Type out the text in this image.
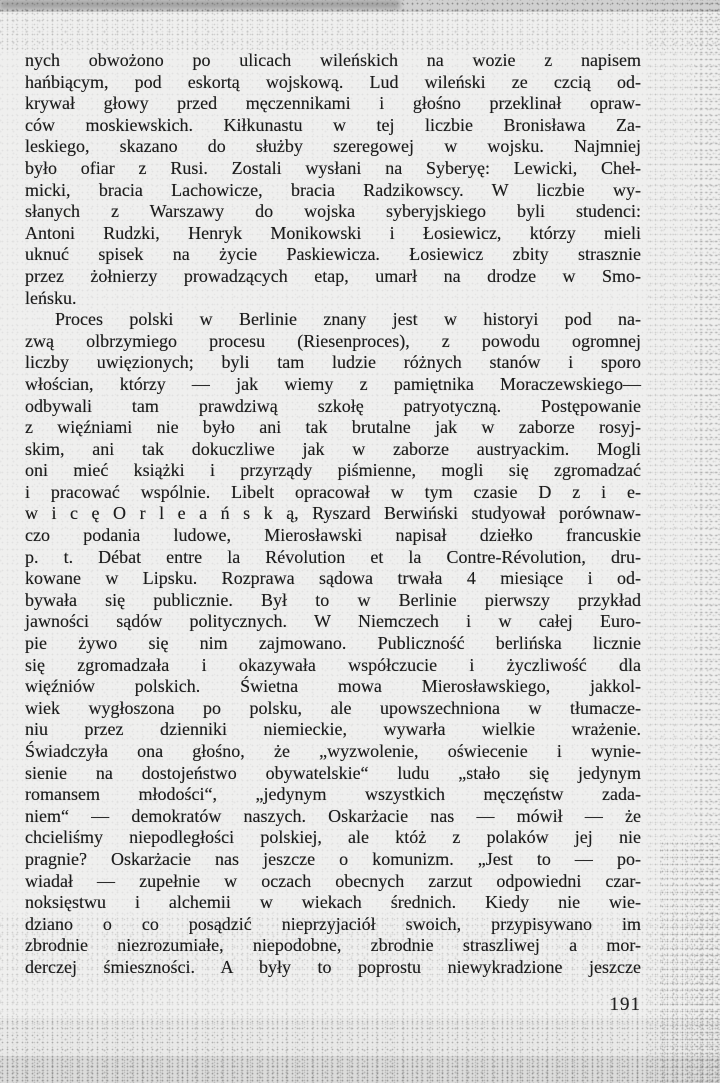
nych obwożono po ulicach wileńskich na wozie z napisem
hańbiącym, pod eskortą wojskową. Lud wileński ze czcią od-
krywał głowy przed męczennikami i głośno przeklinał opraw-
ców moskiewskich. Kiłkunastu w tej liczbie Bronisława Za-
leskiego, skazano do służby szeregowej w wojsku. Najmniej
było ofiar z Rusi. Zostali wysłani na Syberyę: Lewicki, Cheł-
micki, bracia Lachowicze, bracia Radzikowscy. W liczbie wy-
słanych z Warszawy do wojska syberyjskiego byli studenci:
Antoni Rudzki, Henryk Monikowski i Łosiewicz, którzy mieli
uknuć spisek na życie Paskiewicza. Łosiewicz zbity strasznie
przez żołnierzy prowadzących etap, umarł na drodze w Smo-
leńsku.
Proces polski w Berlinie znany jest w historyi pod na-
zwą olbrzymiego procesu (Riesenproces), z powodu ogromnej
liczby uwięzionych; byli tam ludzie różnych stanów i sporo
włościan, którzy — jak wiemy z pamiętnika Moraczewskiego—
odbywali tam prawdziwą szkołę patryotyczną. Postępowanie
z więźniami nie było ani tak brutalne jak w zaborze rosyj-
skim, ani tak dokuczliwe jak w zaborze austryackim. Mogli
oni mieć książki i przyrządy piśmienne, mogli się zgromadzać
i pracować wspólnie. Libelt opracował w tym czasie D z i e-
w i c ę O r l e a ń s k ą, Ryszard Berwiński studyował porównaw-
czo podania ludowe, Mierosławski napisał dziełko francuskie
p. t. Débat entre la Révolution et la Contre-Révolution, dru-
kowane w Lipsku. Rozprawa sądowa trwała 4 miesiące i od-
bywała się publicznie. Był to w Berlinie pierwszy przykład
jawności sądów politycznych. W Niemczech i w całej Euro-
pie żywo się nim zajmowano. Publiczność berlińska licznie
się zgromadzała i okazywała współczucie i życzliwość dla
więźniów polskich. Świetna mowa Mierosławskiego, jakkol-
wiek wygłoszona po polsku, ale upowszechniona w tłumacze-
niu przez dzienniki niemieckie, wywarła wielkie wrażenie.
Świadczyła ona głośno, że „wyzwolenie, oświecenie i wynie-
sienie na dostojeństwo obywatelskie“ ludu „stało się jedynym
romansem młodości“, „jedynym wszystkich męczęństw zada-
niem“ — demokratów naszych. Oskarżacie nas — mówił — że
chcieliśmy niepodległości polskiej, ale któż z polaków jej nie
pragnie? Oskarżacie nas jeszcze o komunizm. „Jest to — po-
wiadał — zupełnie w oczach obecnych zarzut odpowiedni czar-
noksięstwu i alchemii w wiekach średnich. Kiedy nie wie-
dziano o co posądzić nieprzyjaciół swoich, przypisywano im
zbrodnie niezrozumiałe, niepodobne, zbrodnie straszliwej a mor-
derczej śmieszności. A były to poprostu niewykradzione jeszcze
191
